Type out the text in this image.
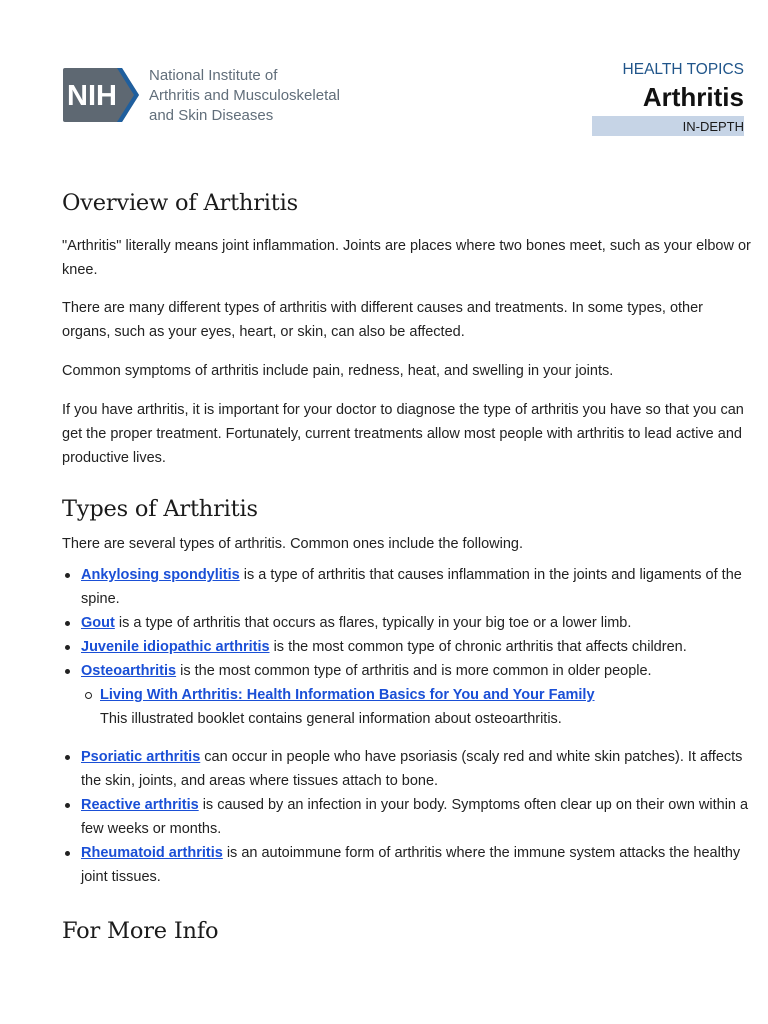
NIH
National Institute of
Arthritis and Musculoskeletal
and Skin Diseases
HEALTH TOPICS
Arthritis
IN-DEPTH
Overview of Arthritis

"Arthritis" literally means joint inflammation. Joints are places where two bones meet, such as your elbow or knee.

There are many different types of arthritis with different causes and treatments. In some types, other organs, such as your eyes, heart, or skin, can also be affected.

Common symptoms of arthritis include pain, redness, heat, and swelling in your joints.

If you have arthritis, it is important for your doctor to diagnose the type of arthritis you have so that you can get the proper treatment. Fortunately, current treatments allow most people with arthritis to lead active and productive lives.

Types of Arthritis

There are several types of arthritis. Common ones include the following.

Ankylosing spondylitis is a type of arthritis that causes inflammation in the joints and ligaments of the spine.
Gout is a type of arthritis that occurs as flares, typically in your big toe or a lower limb.
Juvenile idiopathic arthritis is the most common type of chronic arthritis that affects children.
Osteoarthritis is the most common type of arthritis and is more common in older people.
Living With Arthritis: Health Information Basics for You and Your Family
This illustrated booklet contains general information about osteoarthritis.
Psoriatic arthritis can occur in people who have psoriasis (scaly red and white skin patches). It affects the skin, joints, and areas where tissues attach to bone.
Reactive arthritis is caused by an infection in your body. Symptoms often clear up on their own within a few weeks or months.
Rheumatoid arthritis is an autoimmune form of arthritis where the immune system attacks the healthy joint tissues.
For More Info
